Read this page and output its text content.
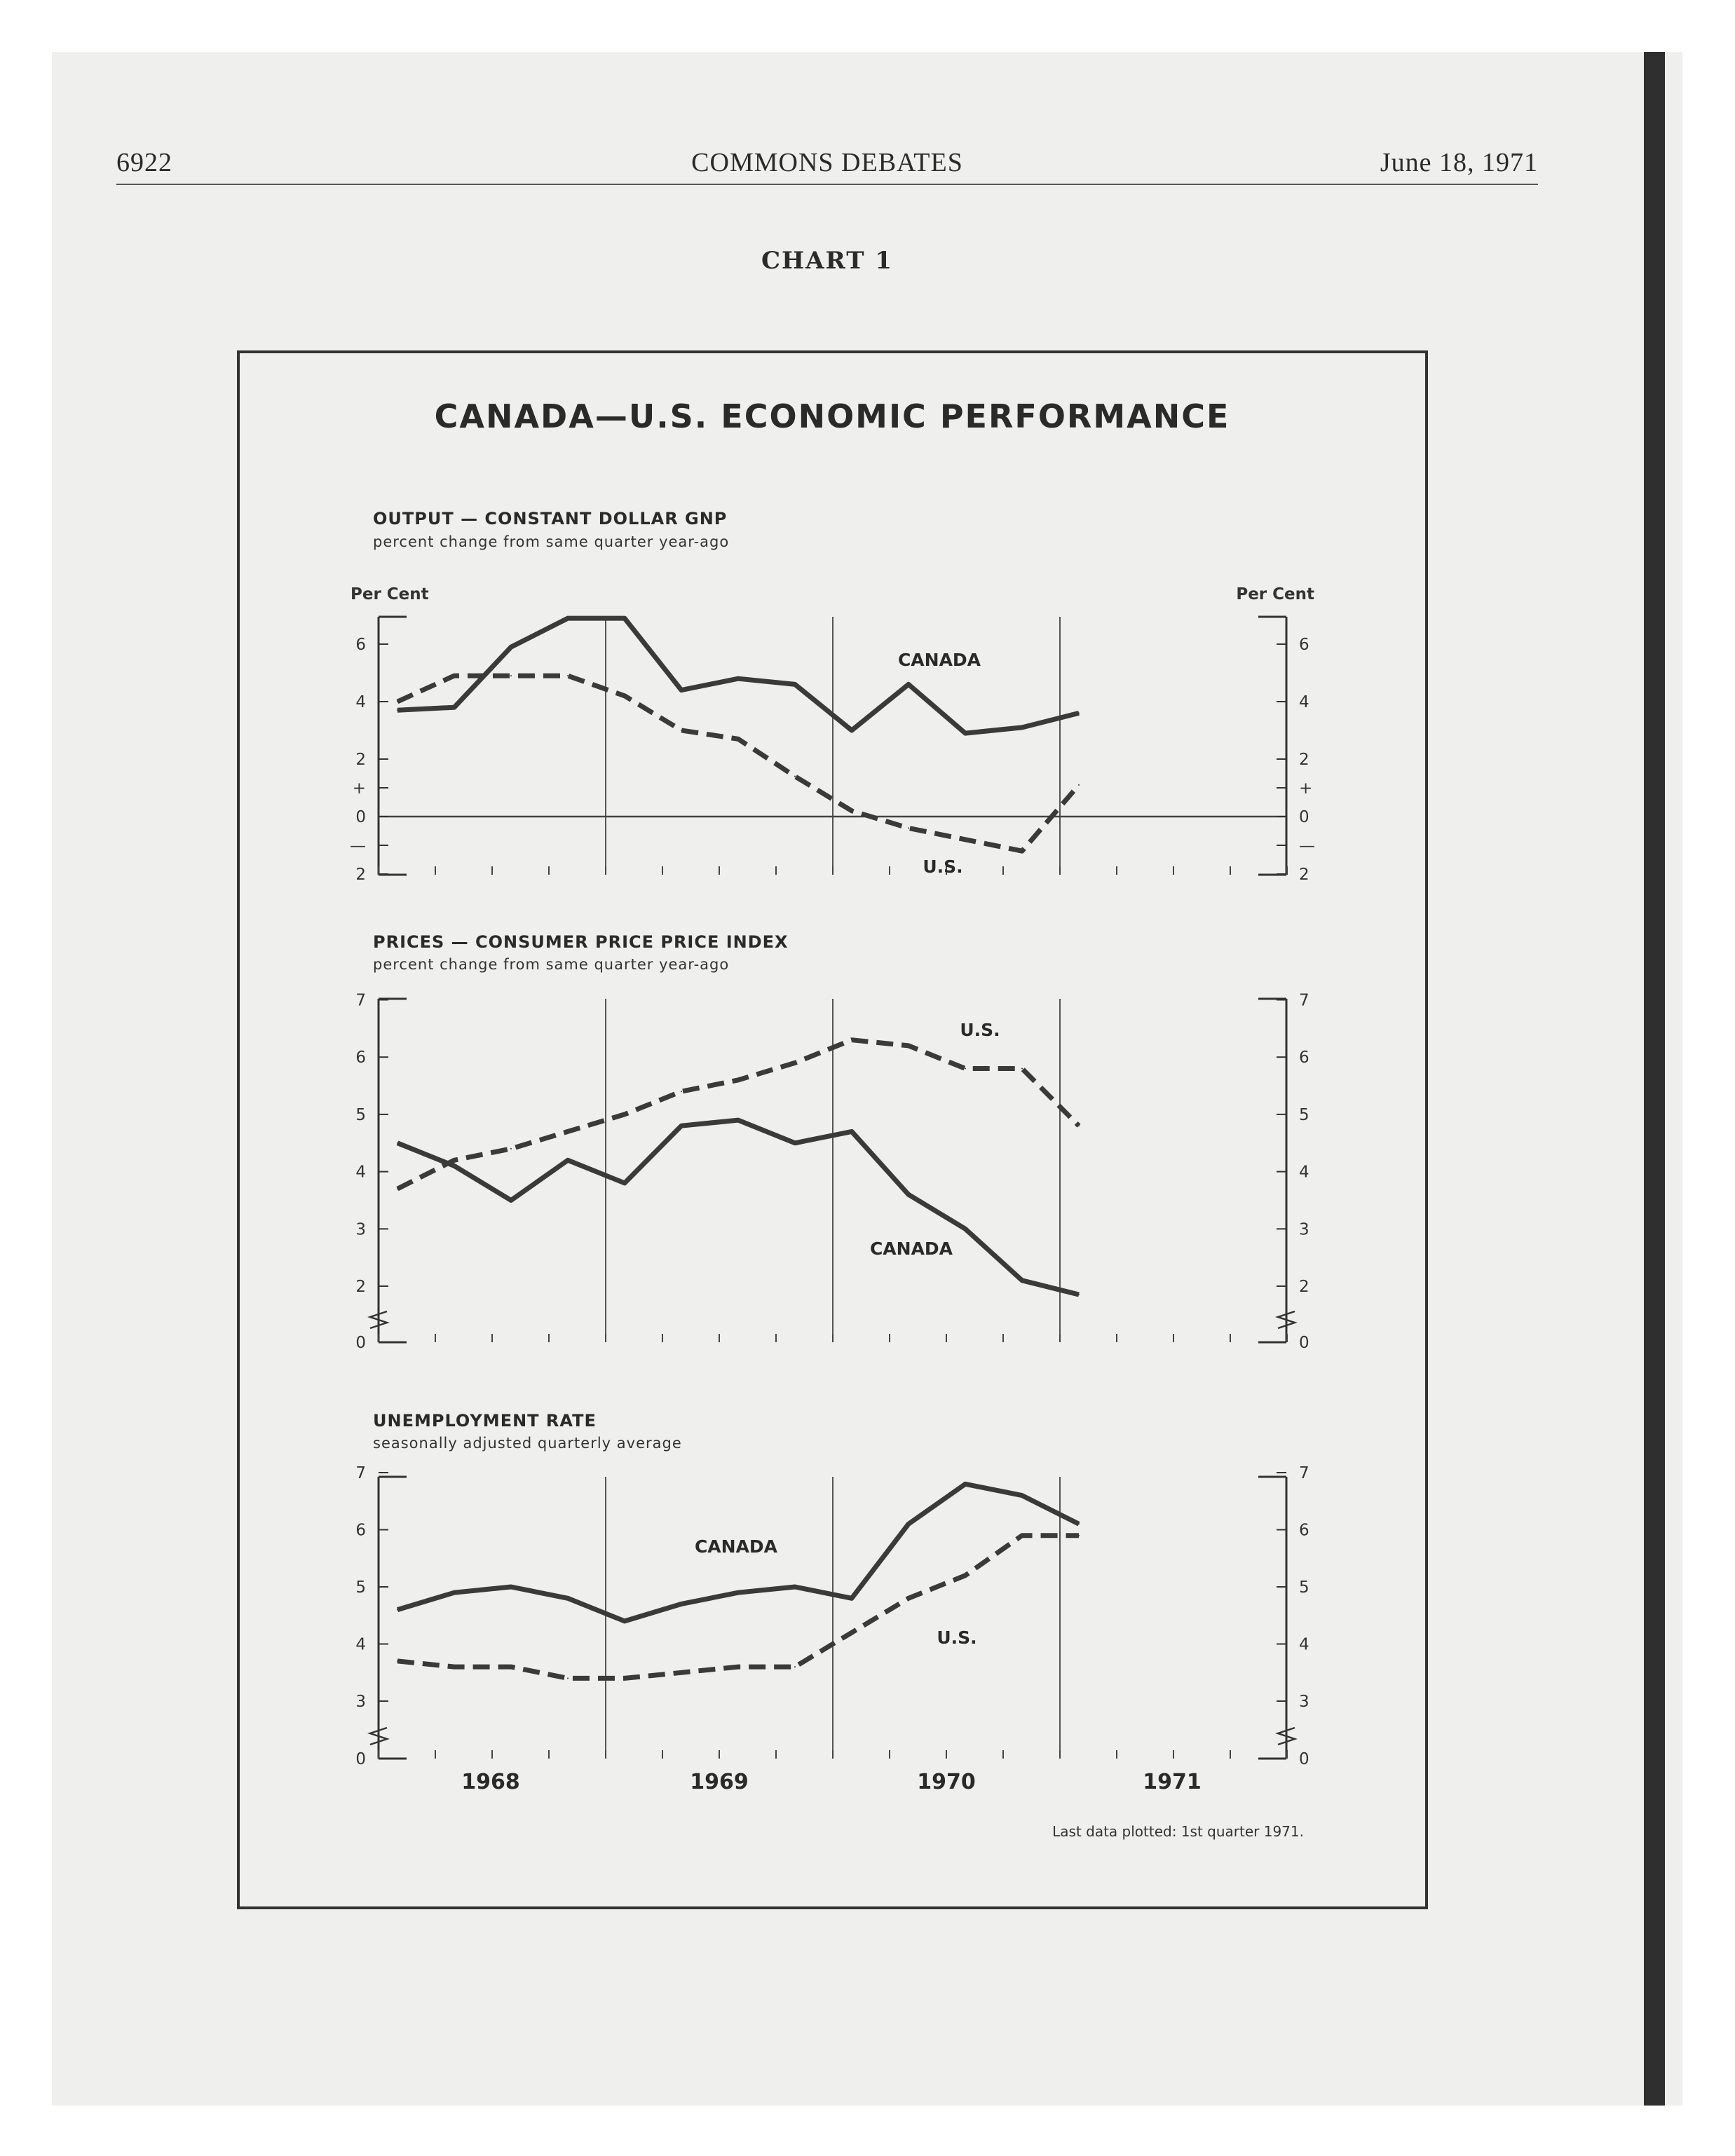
6922	COMMONS DEBATES	June 18, 1971
CHART 1
CANADA—U.S. ECONOMIC PERFORMANCE
OUTPUT — CONSTANT DOLLAR GNP
percent change from same quarter year-ago
Per Cent	Per Cent
2	2
—	—
0	0
+	+
2	2
4	4
6	6
CANADA
U.S.
PRICES — CONSUMER PRICE PRICE INDEX
percent change from same quarter year-ago
0	0
2	2
3	3
4	4
5	5
6	6
7	7
U.S.
CANADA
UNEMPLOYMENT RATE
seasonally adjusted quarterly average
0	0
3	3
4	4
5	5
6	6
7	7
CANADA
U.S.
1968	1969	1970	1971
Last data plotted: 1st quarter 1971.
